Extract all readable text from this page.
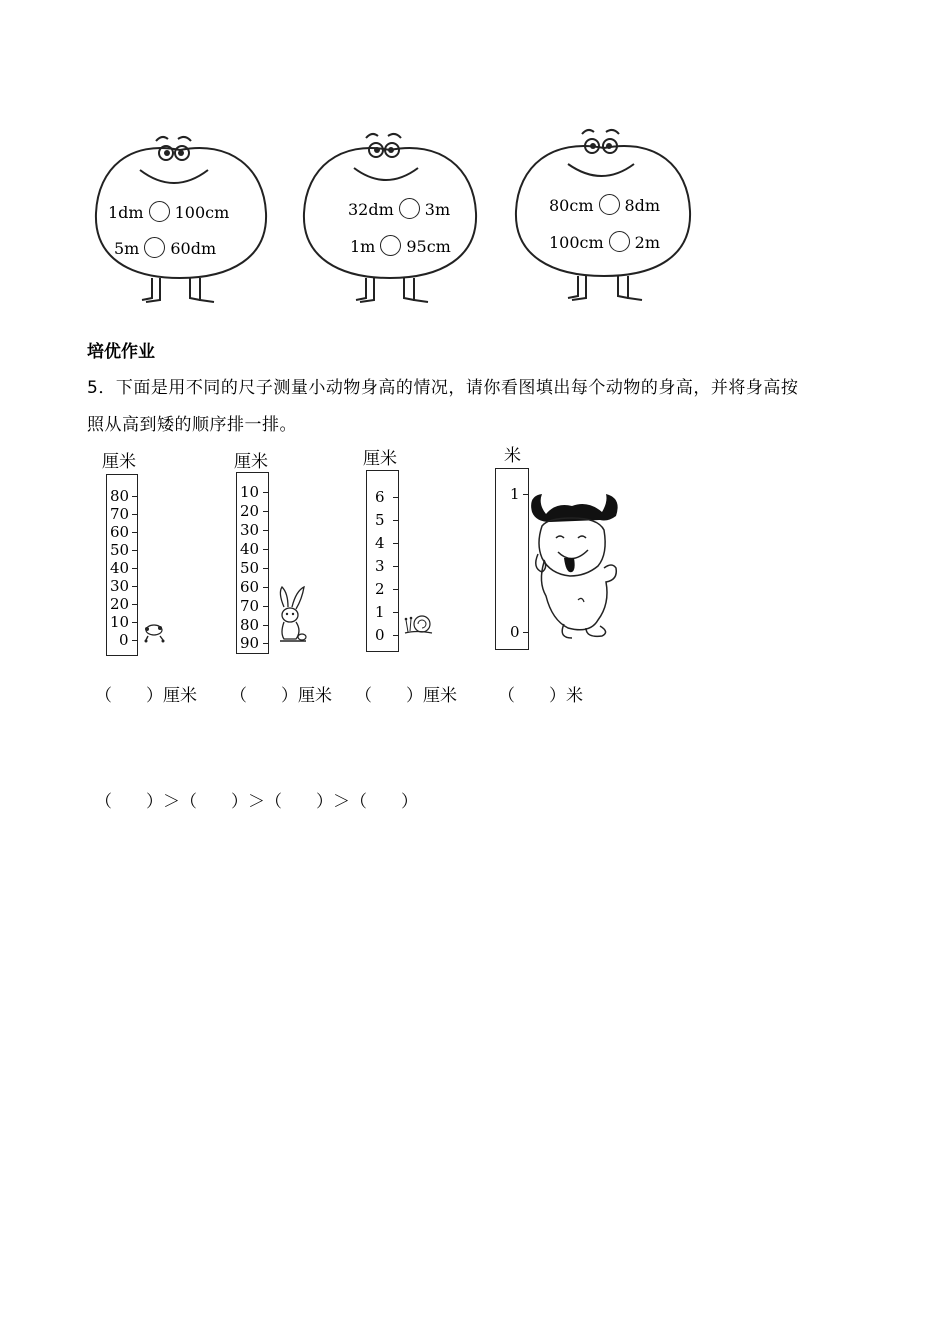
1dm 100cm
5m 60dm
32dm 3m
1m 95cm
80cm 8dm
100cm 2m
培优作业
5．下面是用不同的尺子测量小动物身高的情况，请你看图填出每个动物的身高，并将身高按
照从高到矮的顺序排一排。
厘米
80
70
60
50
40
30
20
10
0
厘米
10
20
30
40
50
60
70
80
90
厘米
6
5
4
3
2
1
0
米
1
0
（　　）厘米 （　　）厘米 （　　）厘米 （　　）米
（　　）＞（　　）＞（　　）＞（　　）
